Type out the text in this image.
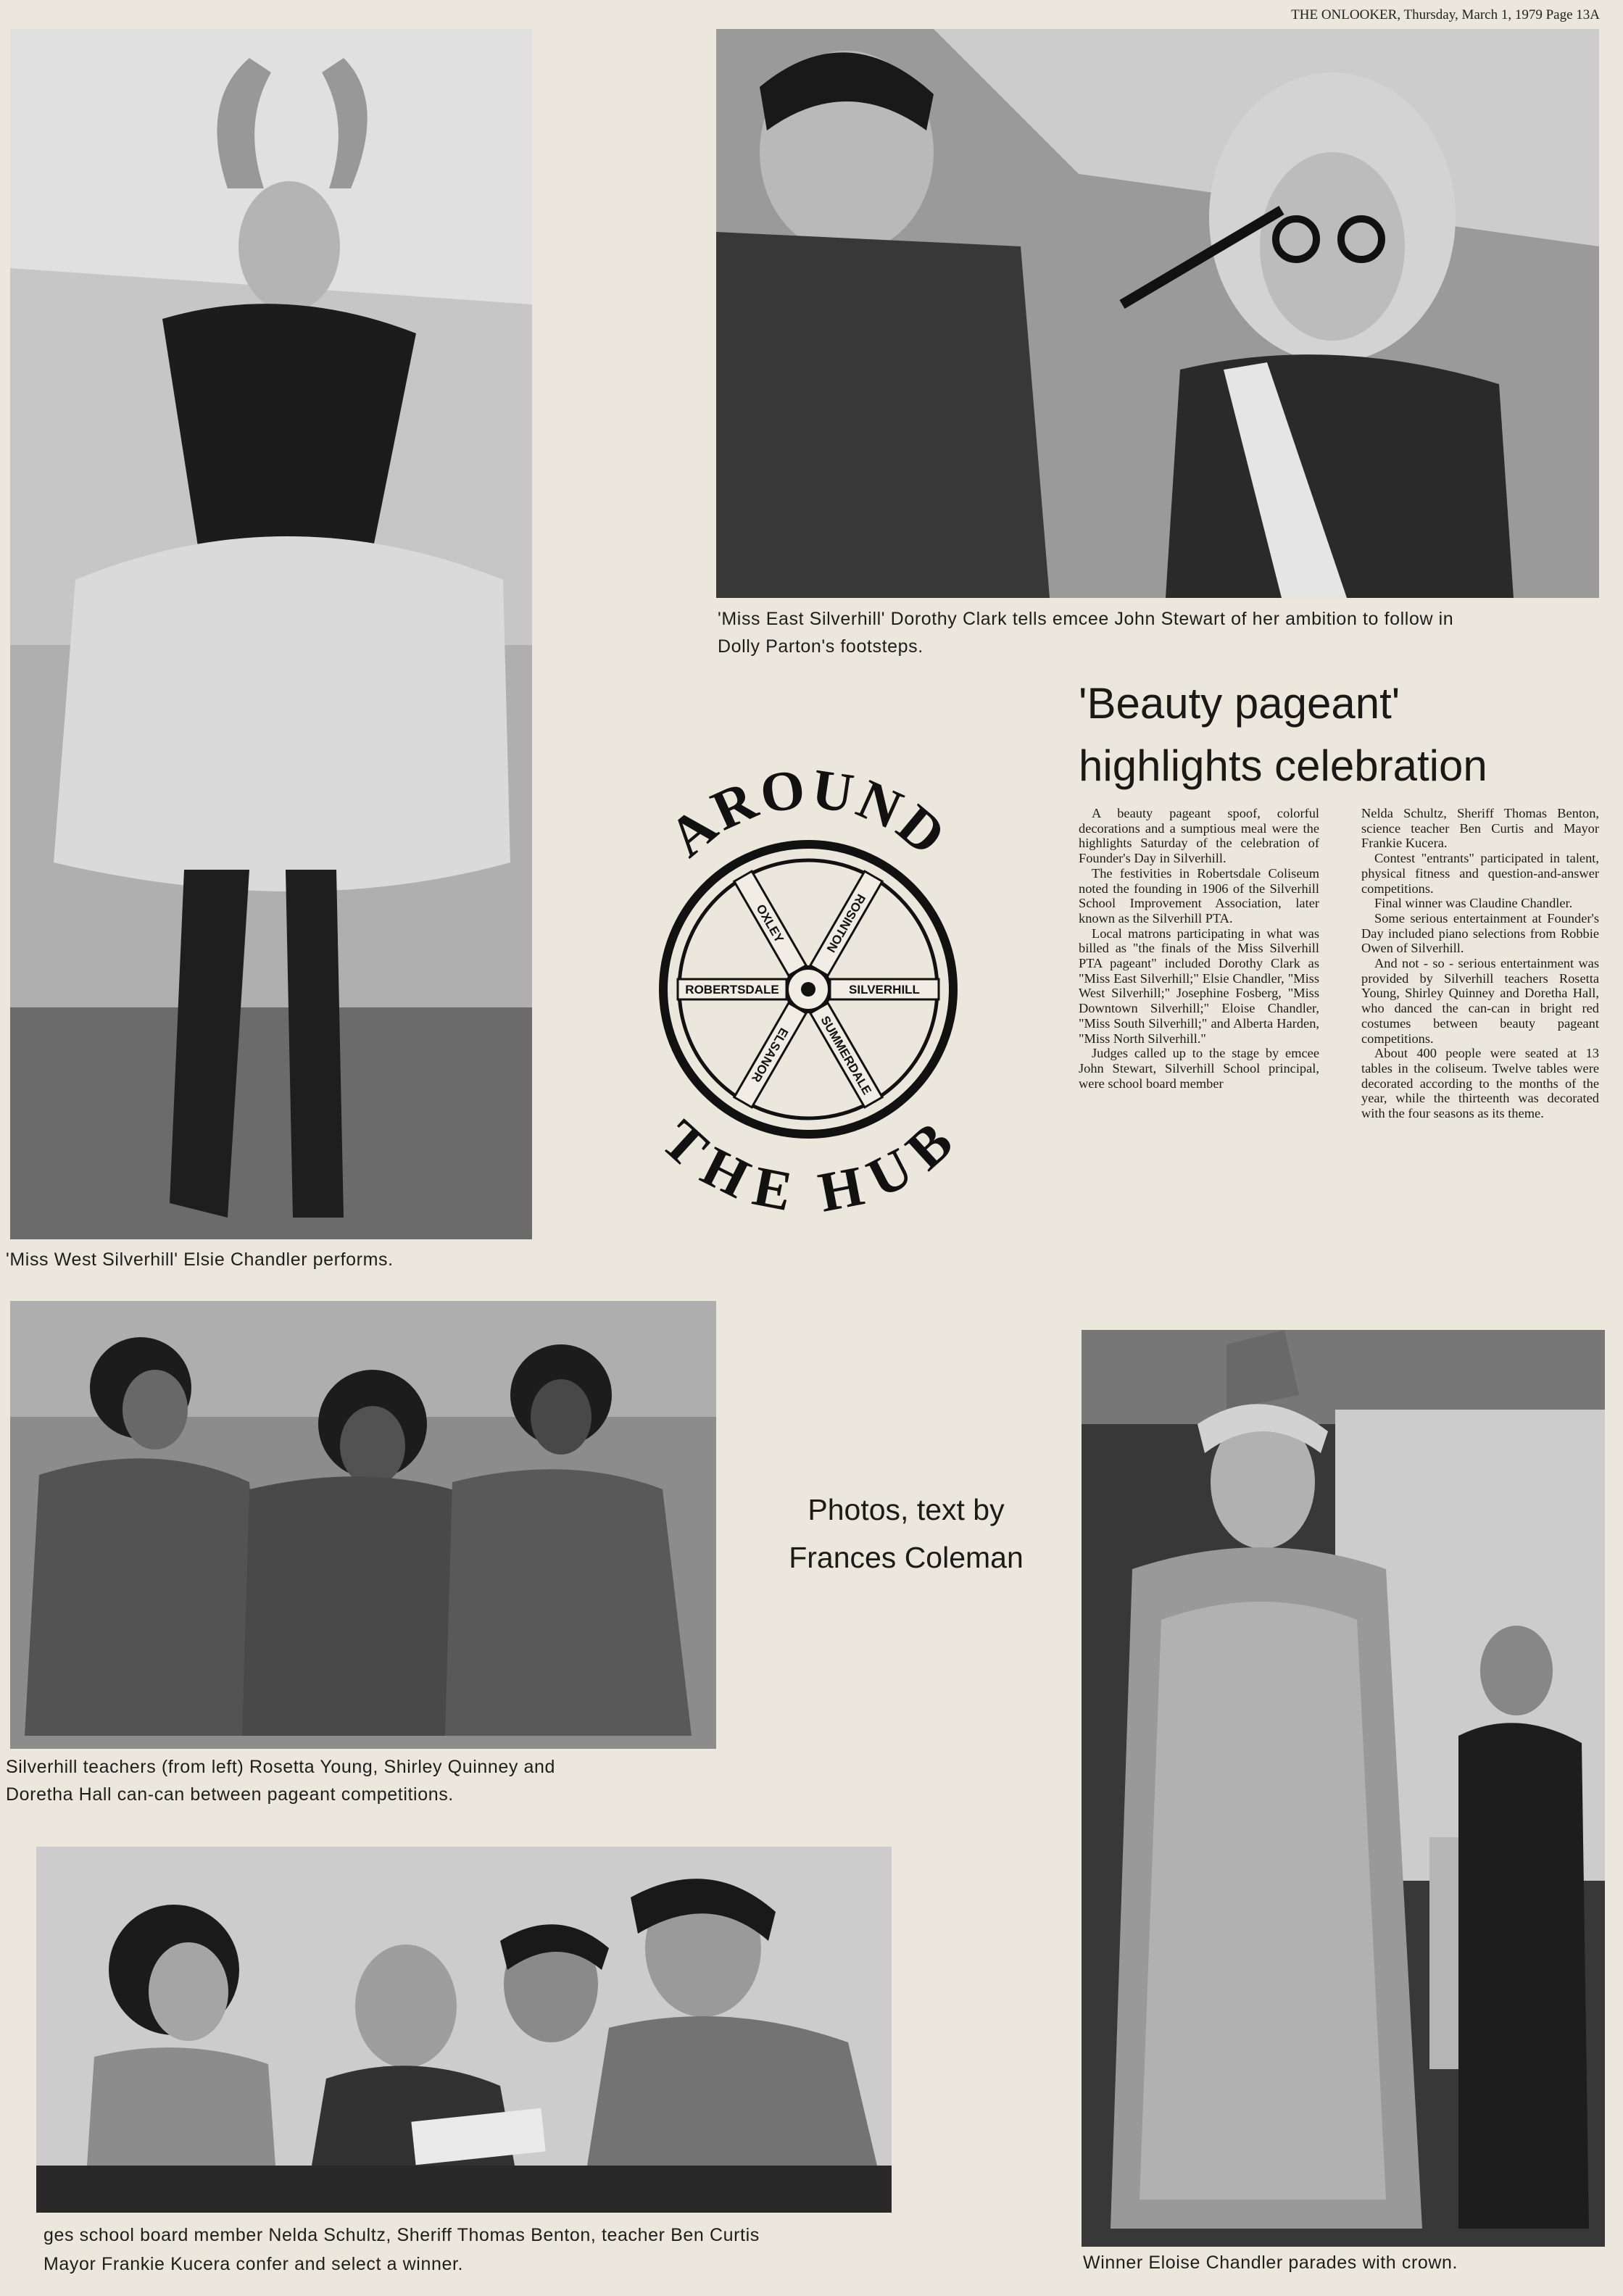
THE ONLOOKER, Thursday, March 1, 1979 Page 13A
'Miss West Silverhill' Elsie Chandler performs.
'Miss East Silverhill' Dorothy Clark tells emcee John Stewart of her ambition to follow in
Dolly Parton's footsteps.
'Beauty pageant'
highlights celebration
AROUND
THE HUB
ROBERTSDALE	SILVERHILL
OXLEY
SUMMERDALE
ROSINTON
ELSANOR

A beauty pageant spoof, colorful decorations and a sumptious meal were the highlights Saturday of the celebration of Founder's Day in Silverhill.

The festivities in Robertsdale Coliseum noted the founding in 1906 of the Silverhill School Improvement Association, later known as the Silverhill PTA.

Local matrons participating in what was billed as "the finals of the Miss Silverhill PTA pageant" included Dorothy Clark as "Miss East Silverhill;" Elsie Chandler, "Miss West Silverhill;" Josephine Fosberg, "Miss Downtown Silverhill;" Eloise Chandler, "Miss South Silverhill;" and Alberta Harden, "Miss North Silverhill."

Judges called up to the stage by emcee John Stewart, Silverhill School principal, were school board member

Nelda Schultz, Sheriff Thomas Benton, science teacher Ben Curtis and Mayor Frankie Kucera.

Contest "entrants" participated in talent, physical fitness and question-and-answer competitions.

Final winner was Claudine Chandler.

Some serious entertainment at Founder's Day included piano selections from Robbie Owen of Silverhill.

And not - so - serious entertainment was provided by Silverhill teachers Rosetta Young, Shirley Quinney and Doretha Hall, who danced the can-can in bright red costumes between beauty pageant competitions.

About 400 people were seated at 13 tables in the coliseum. Twelve tables were decorated according to the months of the year, while the thirteenth was decorated with the four seasons as its theme.

Silverhill teachers (from left) Rosetta Young, Shirley Quinney and
Doretha Hall can-can between pageant competitions.
Photos, text by
Frances Coleman
ges school board member Nelda Schultz, Sheriff Thomas Benton, teacher Ben Curtis
Mayor Frankie Kucera confer and select a winner.	Winner Eloise Chandler parades with crown.
